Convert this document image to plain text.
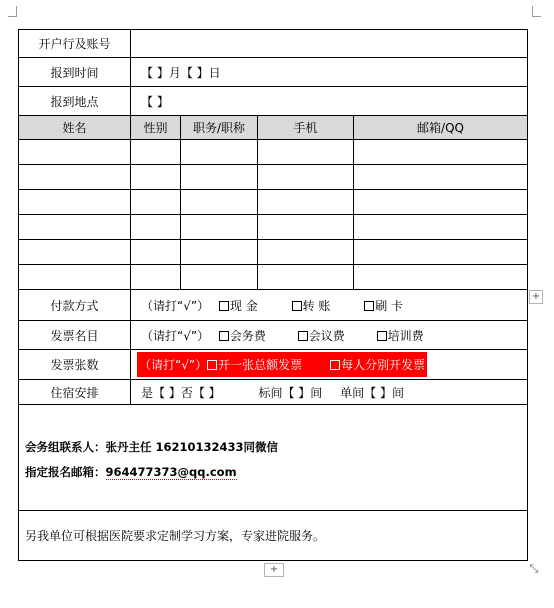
开户行及账号				
报到时间	【 】月【 】日			
报到地点	【 】			
姓名	性别	职务/职称	手机	邮箱/QQ

付款方式	（请打“√”） 现 金 转 账 刷 卡			
发票名目	（请打“√”） 会务费 会议费 培训费			
发票张数	（请打“√”） 开一张总额发票 每人分别开发票			
住宿安排	是【 】否【 】 标间【 】间 单间【 】间			

会务组联系人：张丹主任 16210132433同微信
指定报名邮箱：964477373@qq.com				

另我单位可根据医院要求定制学习方案，专家进院服务。				
+
+	⤡
